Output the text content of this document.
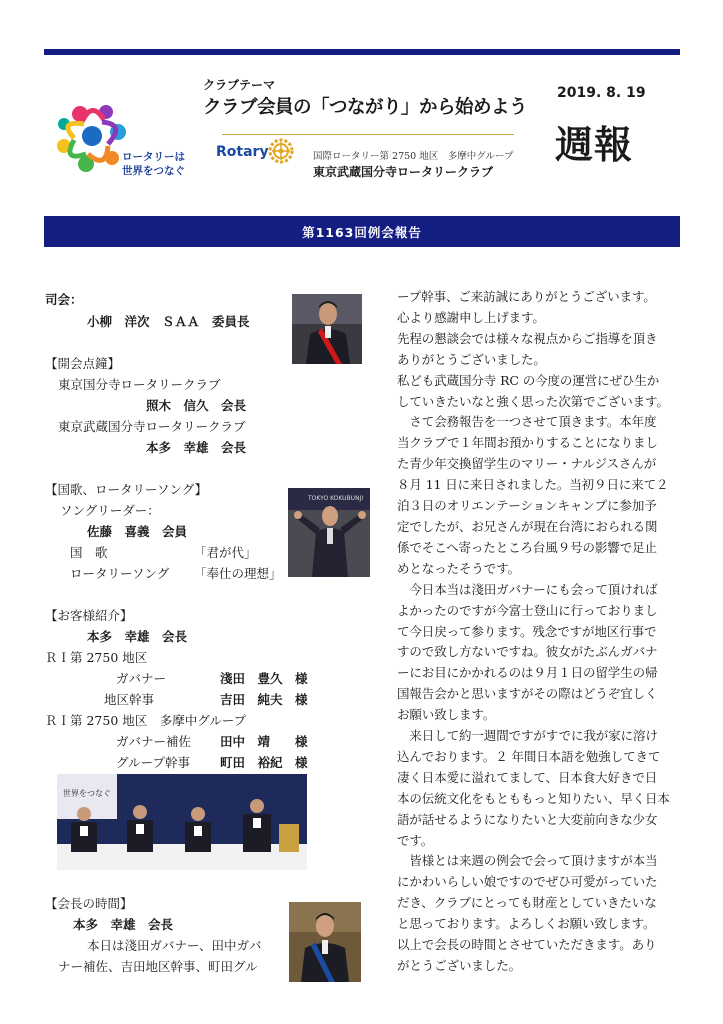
ロータリーは
世界をつなぐ
クラブテーマ
クラブ会員の「つながり」から始めよう
Rotary	国際ロータリー第 2750 地区　多摩中グループ
東京武蔵国分寺ロータリークラブ
2019. 8. 19
週報
第1163回例会報告
司会：
小柳　洋次　ＳＡＡ　委員長
【開会点鐘】
東京国分寺ロータリークラブ
照木　信久　会長
東京武蔵国分寺ロータリークラブ
本多　幸雄　会長
【国歌、ロータリーソング】
ソングリーダー：
佐藤　喜義　会員
国　歌	「君が代」
ロータリーソング 「奉仕の理想」
【お客様紹介】
本多　幸雄　会長
ＲＩ第 2750 地区
ガバナー	淺田　豊久　様
地区幹事	吉田　純夫　様
ＲＩ第 2750 地区　多摩中グループ
ガバナー補佐 田中　靖　　様
グループ幹事 町田　裕紀　様
【会長の時間】
本多　幸雄　会長
本日は淺田ガバナー、田中ガバ
ナー補佐、吉田地区幹事、町田グル
TOKYO KOKUBUNJI
世界をつなぐ
ープ幹事、ご来訪誠にありがとうございます。
心より感謝申し上げます。
先程の懇談会では様々な視点からご指導を頂き
ありがとうございました。
私ども武蔵国分寺 RC の今度の運営にぜひ生か
していきたいなと強く思った次第でございます。
　さて会務報告を一つさせて頂きます。本年度
当クラブで１年間お預かりすることになりまし
た青少年交換留学生のマリー・ナルジスさんが
８月 11 日に来日されました。当初９日に来て２
泊３日のオリエンテーションキャンプに参加予
定でしたが、お兄さんが現在台湾におられる関
係でそこへ寄ったところ台風９号の影響で足止
めとなったそうです。
　今日本当は淺田ガバナーにも会って頂ければ
よかったのですが今富士登山に行っておりまし
て今日戻って参ります。残念ですが地区行事で
すので致し方ないですね。彼女がたぶんガバナ
ーにお目にかかれるのは９月１日の留学生の帰
国報告会かと思いますがその際はどうぞ宜しく
お願い致します。
　来日して約一週間ですがすでに我が家に溶け
込んでおります。２ 年間日本語を勉強してきて
凄く日本愛に溢れてまして、日本食大好きで日
本の伝統文化をもとももっと知りたい、早く日本
語が話せるようになりたいと大変前向きな少女
です。
　皆様とは来週の例会で会って頂けますが本当
にかわいらしい娘ですのでぜひ可愛がっていた
だき、クラブにとっても財産としていきたいな
と思っております。よろしくお願い致します。
以上で会長の時間とさせていただきます。あり
がとうございました。
